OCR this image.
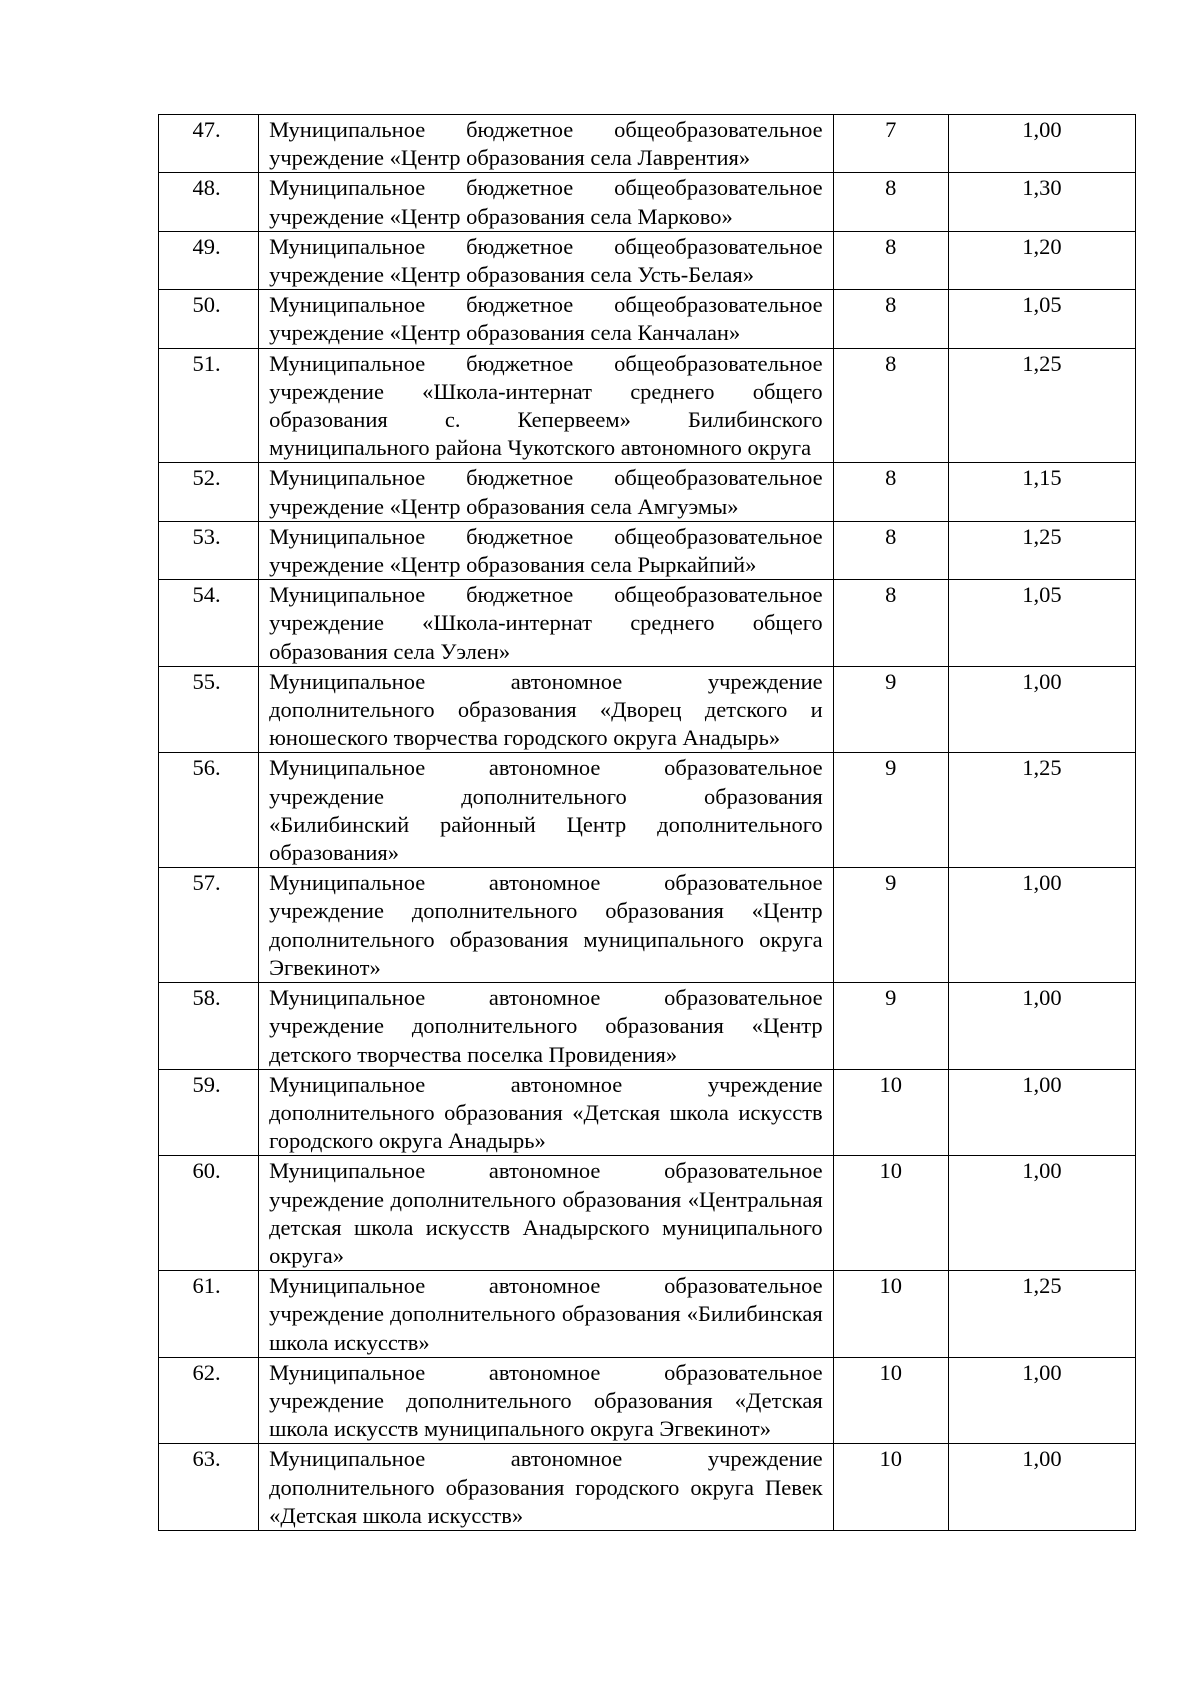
47.	Муниципальное бюджетное общеобразовательное учреждение «Центр образования села Лаврентия»	7	1,00
48.	Муниципальное бюджетное общеобразовательное учреждение «Центр образования села Марково»	8	1,30
49.	Муниципальное бюджетное общеобразовательное учреждение «Центр образования села Усть-Белая»	8	1,20
50.	Муниципальное бюджетное общеобразовательное учреждение «Центр образования села Канчалан»	8	1,05
51.	Муниципальное бюджетное общеобразовательное учреждение «Школа-интернат среднего общего образования с. Кепервеем» Билибинского муниципального района Чукотского автономного округа	8	1,25
52.	Муниципальное бюджетное общеобразовательное учреждение «Центр образования села Амгуэмы»	8	1,15
53.	Муниципальное бюджетное общеобразовательное учреждение «Центр образования села Рыркайпий»	8	1,25
54.	Муниципальное бюджетное общеобразовательное учреждение «Школа-интернат среднего общего образования села Уэлен»	8	1,05
55.	Муниципальное автономное учреждение дополнительного образования «Дворец детского и юношеского творчества городского округа Анадырь»	9	1,00
56.	Муниципальное автономное образовательное учреждение дополнительного образования «Билибинский районный Центр дополнительного образования»	9	1,25
57.	Муниципальное автономное образовательное учреждение дополнительного образования «Центр дополнительного образования муниципального округа Эгвекинот»	9	1,00
58.	Муниципальное автономное образовательное учреждение дополнительного образования «Центр детского творчества поселка Провидения»	9	1,00
59.	Муниципальное автономное учреждение дополнительного образования «Детская школа искусств городского округа Анадырь»	10	1,00
60.	Муниципальное автономное образовательное учреждение дополнительного образования «Центральная детская школа искусств Анадырского муниципального округа»	10	1,00
61.	Муниципальное автономное образовательное учреждение дополнительного образования «Билибинская школа искусств»	10	1,25
62.	Муниципальное автономное образовательное учреждение дополнительного образования «Детская школа искусств муниципального округа Эгвекинот»	10	1,00
63.	Муниципальное автономное учреждение дополнительного образования городского округа Певек «Детская школа искусств»	10	1,00
